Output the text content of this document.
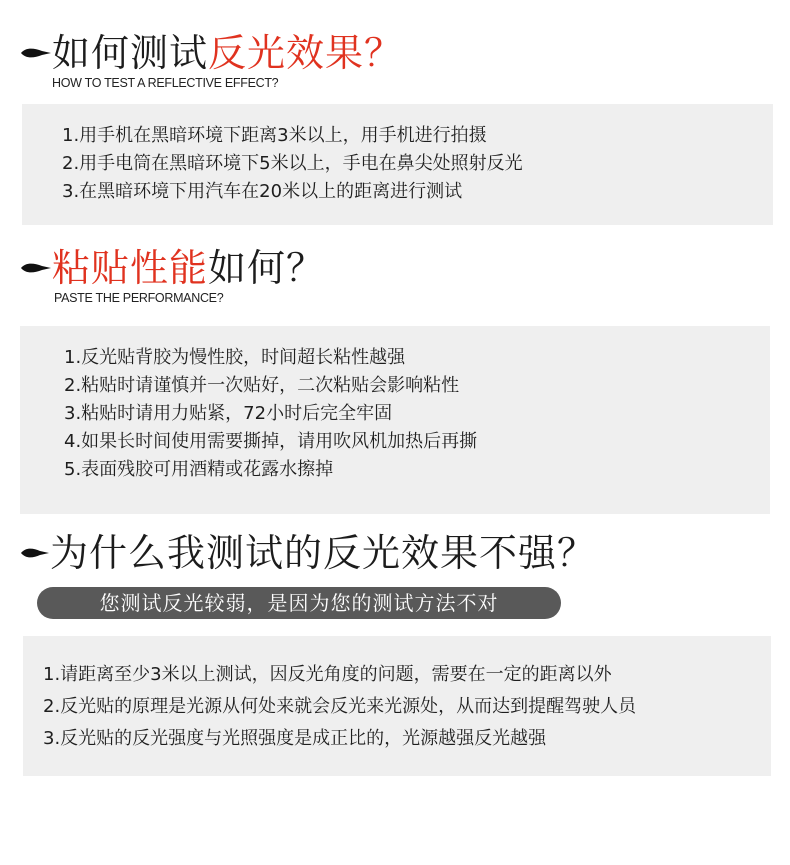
如何测试反光效果？
HOW TO TEST A REFLECTIVE EFFECT?
1.用手机在黑暗环境下距离3米以上，用手机进行拍摄
2.用手电筒在黑暗环境下5米以上，手电在鼻尖处照射反光
3.在黑暗环境下用汽车在20米以上的距离进行测试
粘贴性能如何？
PASTE THE PERFORMANCE?
1.反光贴背胶为慢性胶，时间超长粘性越强
2.粘贴时请谨慎并一次贴好，二次粘贴会影响粘性
3.粘贴时请用力贴紧，72小时后完全牢固
4.如果长时间使用需要撕掉，请用吹风机加热后再撕
5.表面残胶可用酒精或花露水擦掉
为什么我测试的反光效果不强？
您测试反光较弱，是因为您的测试方法不对
1.请距离至少3米以上测试，因反光角度的问题，需要在一定的距离以外
2.反光贴的原理是光源从何处来就会反光来光源处，从而达到提醒驾驶人员
3.反光贴的反光强度与光照强度是成正比的，光源越强反光越强
